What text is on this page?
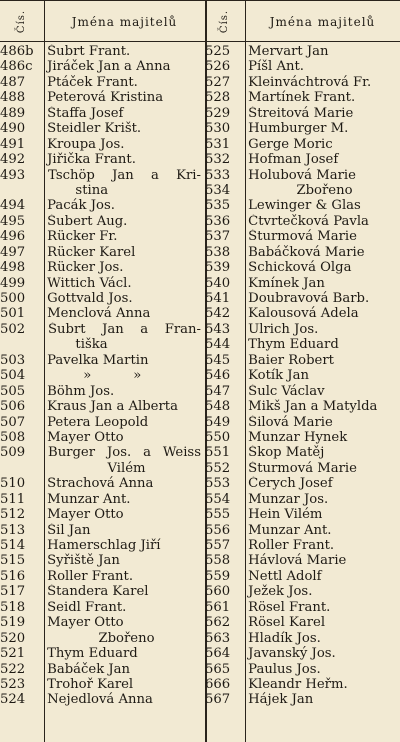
Čís.	Jména majitelů	Čís.	Jména majitelů
486b	Šubrt Frant.
486c	Jiráček Jan a Anna
487	Ptáček Frant.
488	Peterová Kristina
489	Štaffa Josef
490	Steidler Krišt.
491	Kroupa Jos.
492	Jiřička Frant.
493	Tschöp Jan a Kri-
stina
494	Pacák Jos.
495	Šubert Aug.
496	Rücker Fr.
497	Rücker Karel
498	Rücker Jos.
499	Wittich Václ.
500	Gottvald Jos.
501	Menclová Anna
502	Šubrt Jan a Fran-
tiška
503	Pavelka Martin
504	»          »
505	Böhm Jos.
506	Kraus Jan a Alberta
507	Petera Leopold
508	Mayer Otto
509	Burger Jos. a Weiss
Vilém
510	Strachová Anna
511	Munzar Ant.
512	Mayer Otto
513	Šil Jan
514	Hamerschlag Jiří
515	Syřiště Jan
516	Roller Frant.
517	Štandera Karel
518	Seidl Frant.
519	Mayer Otto
520	Zbořeno
521	Thym Eduard
522	Babáček Jan
523	Trohoř Karel
524	Nejedlová Anna
525	Mervart Jan
526	Píšl Ant.
527	Kleinváchtrová Fr.
528	Martínek Frant.
529	Štreitová Marie
530	Humburger M.
531	Gerge Moric
532	Hofman Josef
533	Holubová Marie
534	Zbořeno
535	Lewinger & Glas
536	Čtvrtečková Pavla
537	Šturmová Marie
538	Babáčková Marie
539	Schicková Olga
540	Kmínek Jan
541	Doubravová Barb.
542	Kalousová Adela
543	Ulrich Jos.
544	Thym Eduard
545	Baier Robert
546	Kotík Jan
547	Šulc Václav
548	Mikš Jan a Matylda
549	Šilová Marie
550	Munzar Hynek
551	Škop Matěj
552	Šturmová Marie
553	Čerych Josef
554	Munzar Jos.
555	Hein Vilém
556	Munzar Ant.
557	Roller Frant.
558	Hávlová Marie
559	Nettl Adolf
560	Ježek Jos.
561	Rösel Frant.
562	Rösel Karel
563	Hladík Jos.
564	Javanský Jos.
565	Paulus Jos.
666	Kleandr Heřm.
567	Hájek Jan
